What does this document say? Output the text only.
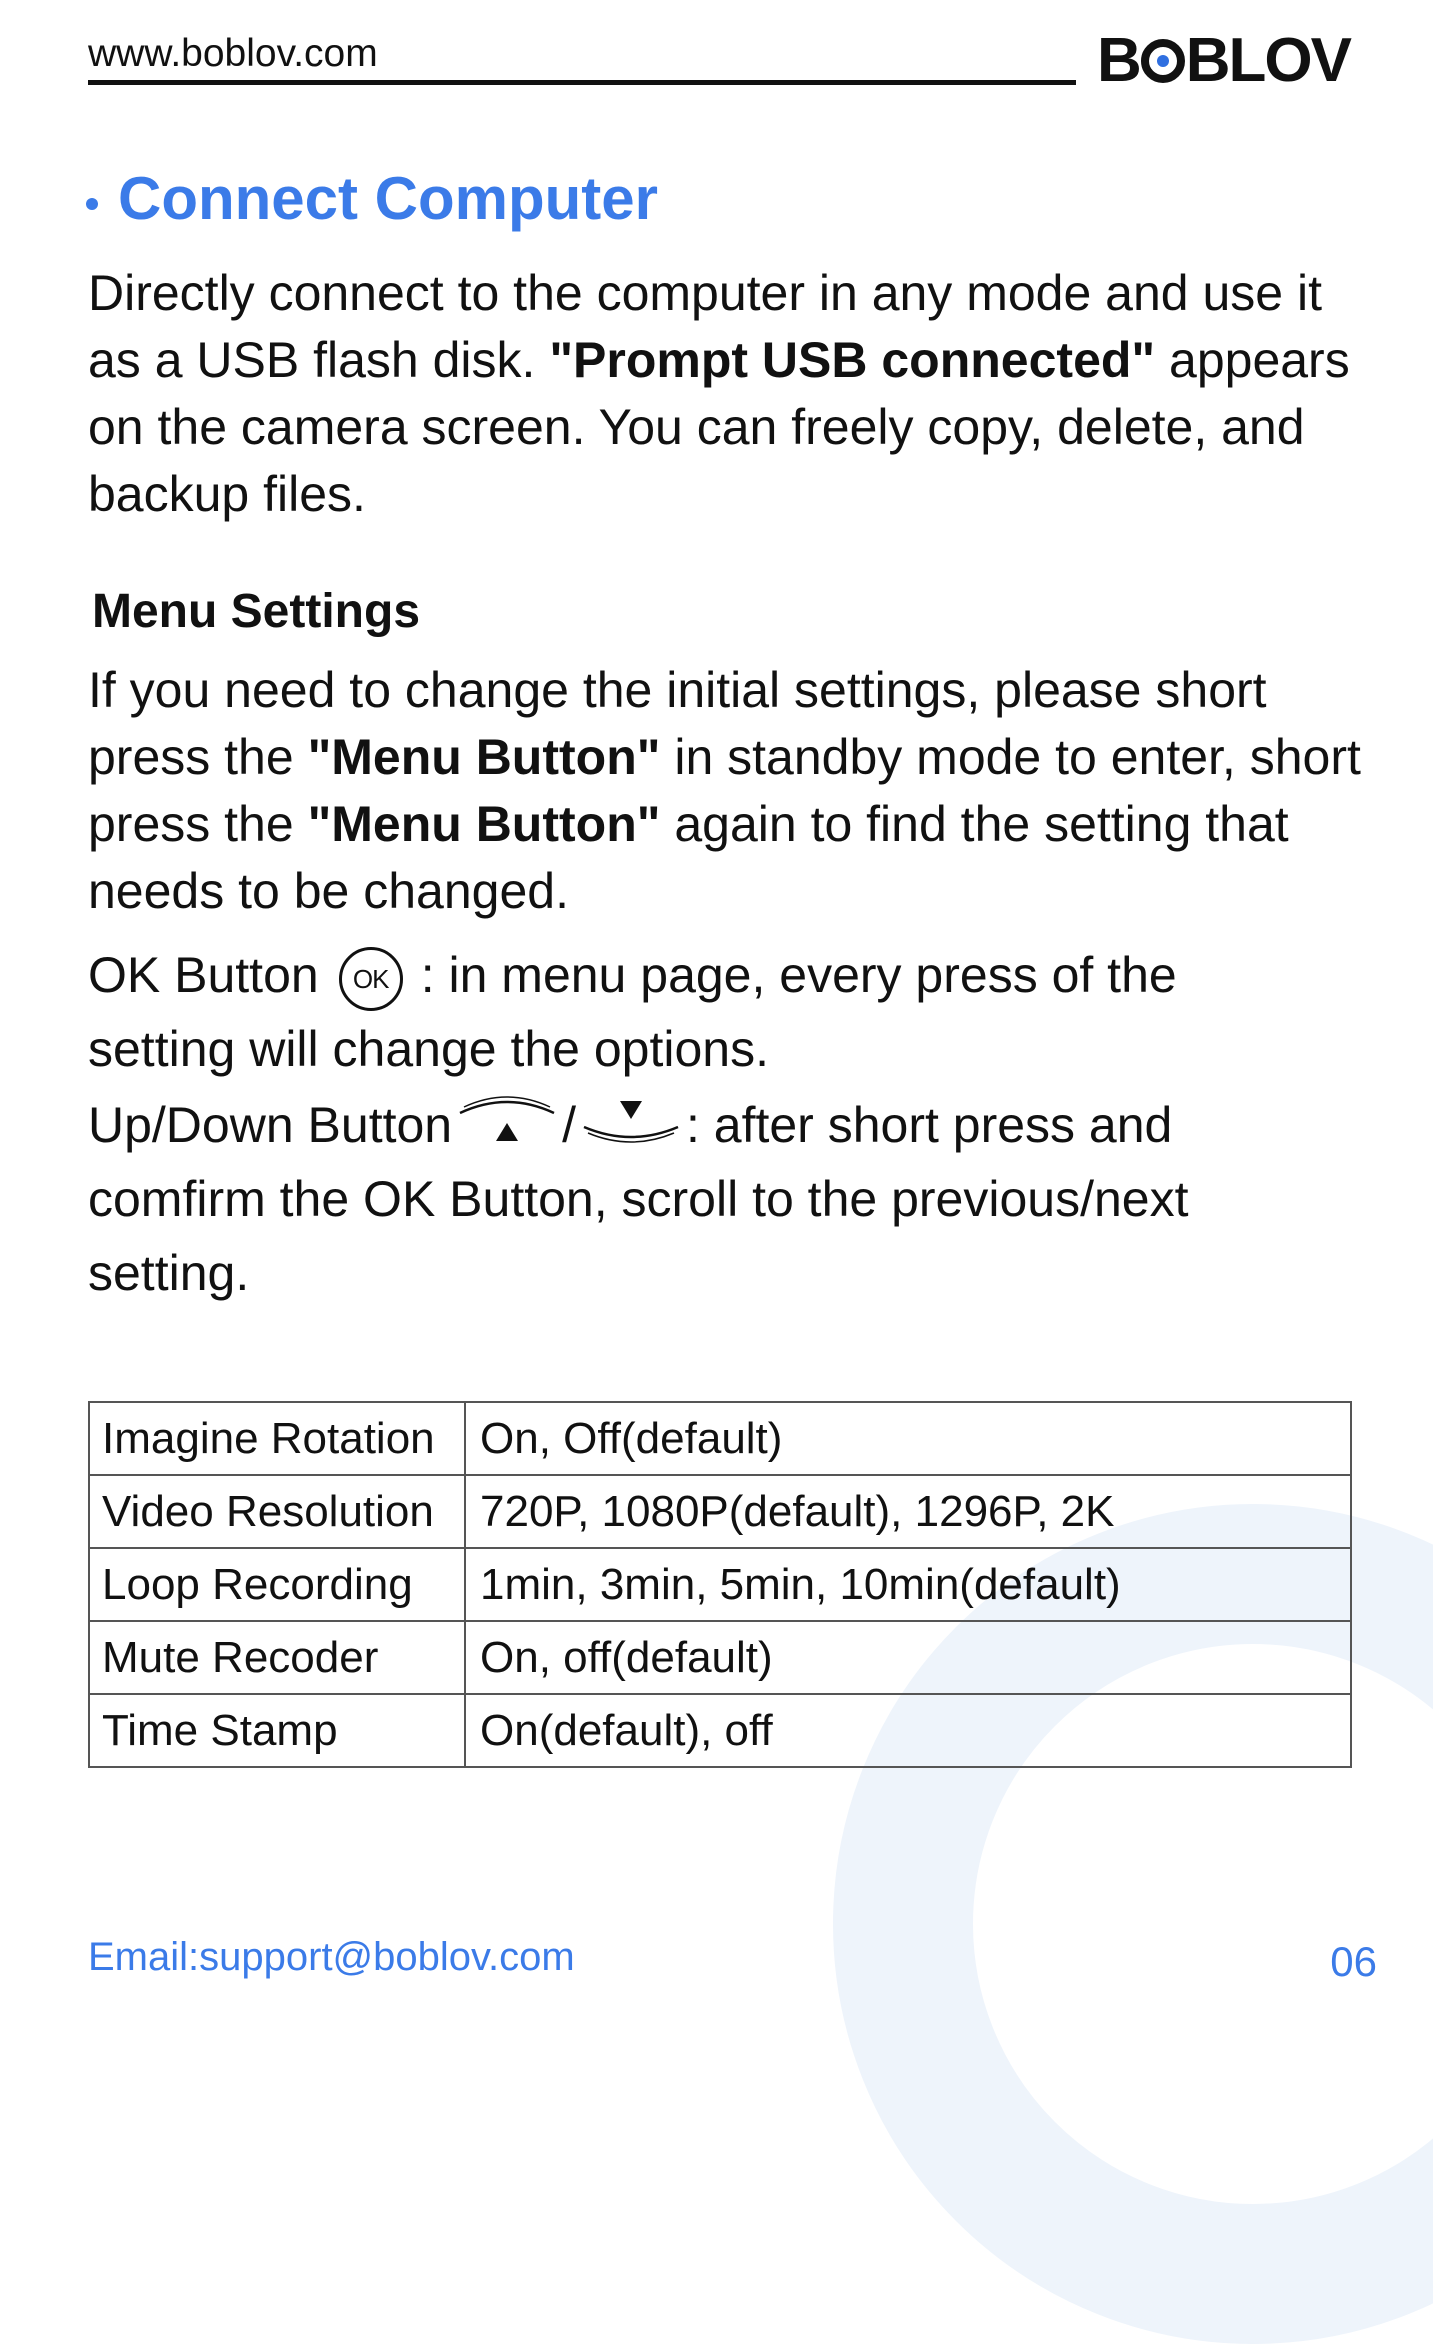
www.boblov.com	B BLOV
Connect Computer
Directly connect to the computer in any mode and use it as a USB flash disk. "Prompt USB connected" appears on the camera screen. You can freely copy, delete, and backup files.
Menu Settings
If you need to change the initial settings, please short press the "Menu Button" in standby mode to enter, short press the "Menu Button" again to find the setting that needs to be changed.
OK Button OK : in menu page, every press of the
setting will change the options.
Up/Down Button / : after short press and
comfirm the OK Button, scroll to the previous/next
setting.
Imagine Rotation	On, Off(default)
Video Resolution	720P, 1080P(default), 1296P, 2K
Loop Recording	1min, 3min, 5min, 10min(default)
Mute Recoder	On, off(default)
Time Stamp	On(default), off
Email:support@boblov.com	06
